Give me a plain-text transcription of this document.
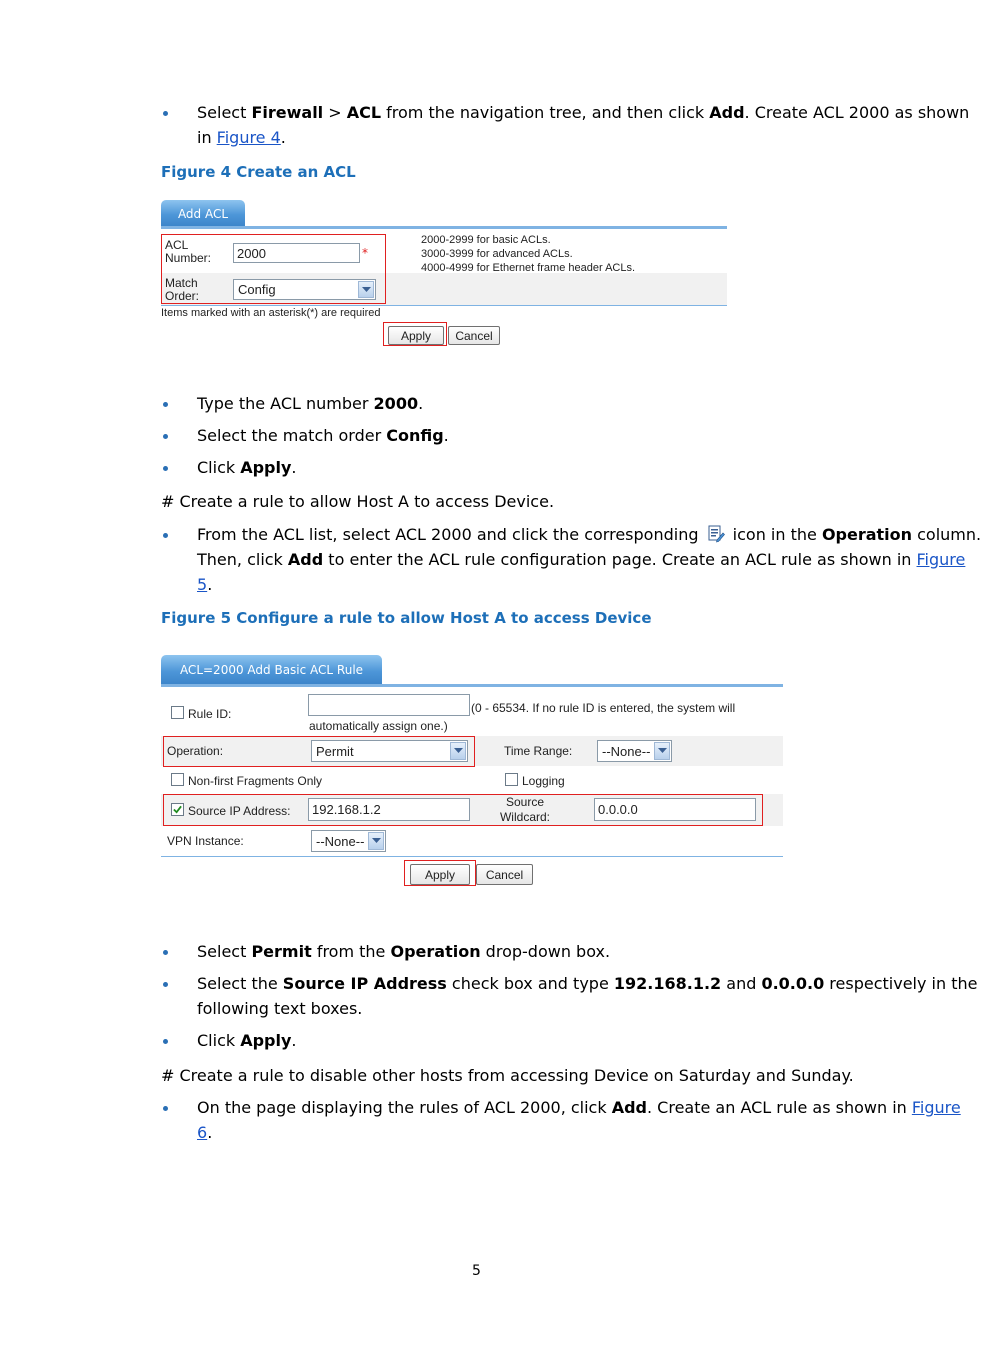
Select Firewall > ACL from the navigation tree, and then click Add. Create ACL 2000 as shown
in Figure 4.
Figure 4 Create an ACL
Add ACL
ACL
Number:	2000	*
2000-2999 for basic ACLs.
3000-3999 for advanced ACLs.
4000-4999 for Ethernet frame header ACLs.
Match
Order:	Config
Items marked with an asterisk(*) are required
Apply	Cancel
Type the ACL number 2000.
Select the match order Config.
Click Apply.
# Create a rule to allow Host A to access Device.
From the ACL list, select ACL 2000 and click the corresponding  icon in the Operation column.
Then, click Add to enter the ACL rule configuration page. Create an ACL rule as shown in Figure
5.
Figure 5 Configure a rule to allow Host A to access Device
ACL=2000 Add Basic ACL Rule
Rule ID:	(0 - 65534. If no rule ID is entered, the system will
automatically assign one.)
Operation:	Permit	Time Range: --None--
Non-first Fragments Only	Logging
Source IP Address:	192.168.1.2	Source
Wildcard:	0.0.0.0
VPN Instance:	--None--
Apply	Cancel
Select Permit from the Operation drop-down box.
Select the Source IP Address check box and type 192.168.1.2 and 0.0.0.0 respectively in the
following text boxes.
Click Apply.
# Create a rule to disable other hosts from accessing Device on Saturday and Sunday.
On the page displaying the rules of ACL 2000, click Add. Create an ACL rule as shown in Figure
6.
5
